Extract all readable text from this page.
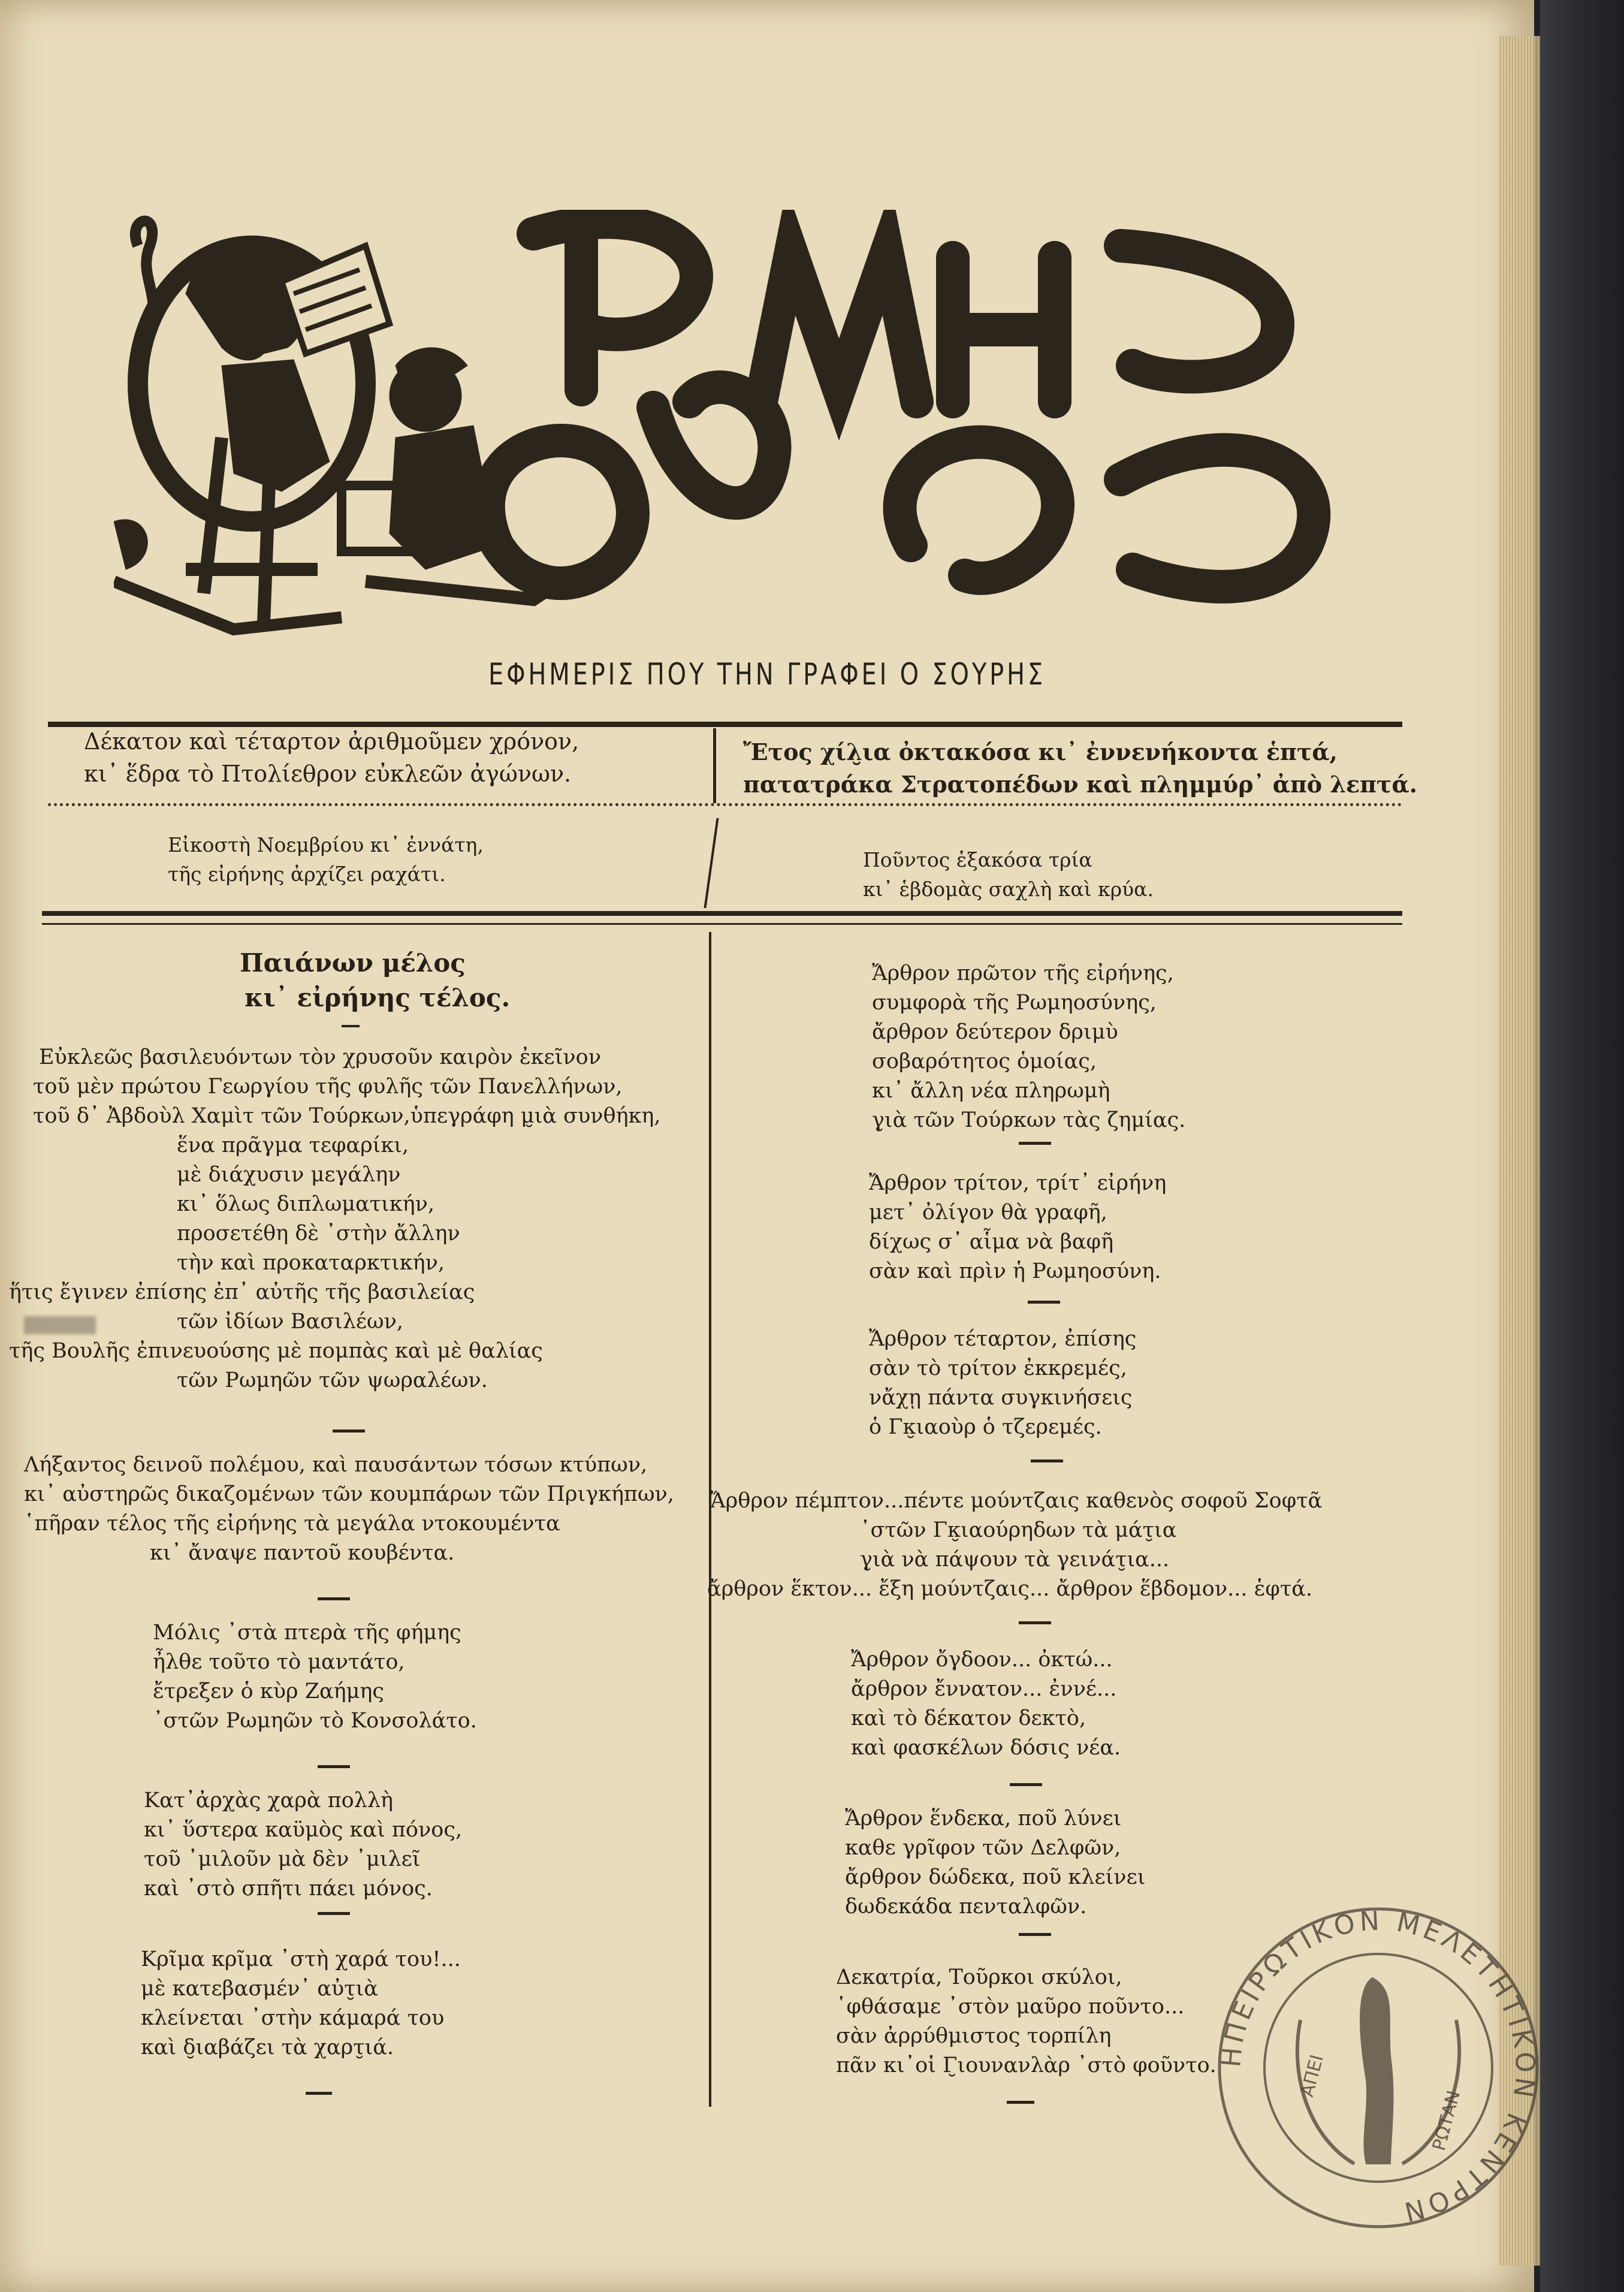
ΕΦΗΜΕΡΙΣ ΠΟΥ ΤΗΝ ΓΡΑΦΕΙ Ο ΣΟΥΡΗΣ
Δέκατον καὶ τέταρτον ἀριθμοῦμεν χρόνον,
κι᾽ ἕδρα τὸ Πτολίεθρον εὐκλεῶν ἀγώνων.
Ἔτος χίλ̮ια ὀκτακόσα κι᾽ ἐννενήκοντα ἑπτά,
πατατράκα Στρατοπέδων καὶ πλημμύρ᾽ ἀπὸ λεπτά.
Εἰκοστὴ Νοεμβρίου κι᾽ ἐννάτη,
τῆς εἰρήνης ἀρχίζει ραχάτι.
Ποῦντος ἑξακόσα τρία
κι᾽ ἑβδομὰς σαχλὴ καὶ κρύα.
Παιάνων μέλος
κι᾽ εἰρήνης τέλος.
Εὐκλεῶς βασιλευόντων τὸν χρυσοῦν καιρὸν ἐκεῖνον
τοῦ μὲν πρώτου Γεωργίου τῆς φυλῆς τῶν Πανελλήνων,
τοῦ δ᾽ Ἀβδοὺλ Χαμὶτ τῶν Τούρκων,ὑπεγράφη μ̮ιὰ συνθήκη,
ἕνα πρᾶγμα τεφαρίκι,
μὲ διάχυσιν μεγάλην
κι᾽ ὅλως διπλωματικήν,
προσετέθη δὲ ᾽στὴν ἄλλην
τὴν καὶ προκαταρκτικήν,
ἥτις ἔγινεν ἐπίσης ἐπ᾽ αὐτῆς τῆς βασιλείας
τῶν ἰδίων Βασιλέων,
τῆς Βουλῆς ἐπινευούσης μὲ πομπὰς καὶ μὲ θαλίας
τῶν Ρωμηῶν τῶν ψωραλέων.
Λήξαντος δεινοῦ πολέμου, καὶ παυσάντων τόσων κτύπων,
κι᾽ αὐστηρῶς δικαζομένων τῶν κουμπάρων τῶν Πριγκήπων,
῾πῆραν τέλος τῆς εἰρήνης τὰ μεγάλα ντοκουμέντα
κι᾽ ἄναψε παντοῦ κουβέντα.
Μόλις ᾽στὰ πτερὰ τῆς φήμης
ἦλθε τοῦτο τὸ μαντάτο,
ἔτρεξεν ὁ κὺρ Ζαήμης
᾽στῶν Ρωμηῶν τὸ Κονσολάτο.
Κατ᾽ἀρχὰς χαρὰ πολλὴ
κι᾽ ὕστερα καϋμὸς καὶ πόνος,
τοῦ ᾽μιλοῦν μὰ δὲν ᾽μιλεῖ
καὶ ᾽στὸ σπῆτι πάει μόνος.
Κρῖμα κρῖμα ᾽στὴ χαρά του!...
μὲ κατεβασμέν᾽ αὐτ̮ιὰ
κλείνεται ᾽στὴν κάμαρά του
καὶ δ̮ιαβάζει τὰ χαρτ̮ιά.
Ἄρθρον πρῶτον τῆς εἰρήνης,
συμφορὰ τῆς Ρωμηοσύνης,
ἄρθρον δεύτερον δριμὺ
σοβαρότητος ὁμοίας,
κι᾽ ἄλλη νέα πληρωμὴ
γ̮ιὰ τῶν Τούρκων τὰς ζημίας.
Ἄρθρον τρίτον, τρίτ᾽ εἰρήνη
μετ᾽ ὀλίγον θὰ γραφῆ,
δίχως σ᾽ αἷμα νὰ βαφῆ
σὰν καὶ πρὶν ἡ Ρωμηοσύνη.
Ἄρθρον τέταρτον, ἐπίσης
σὰν τὸ τρίτον ἐκκρεμές,
νἄχῃ πάντα συγκινήσεις
ὁ Γκ̮ιαοὺρ ὁ τζερεμές.
Ἄρθρον πέμπτον...πέντε μούντζαις καθενὸς σοφοῦ Σοφτᾶ
᾽στῶν Γκ̮ιαούρηδων τὰ μάτ̮ια
γ̮ιὰ νὰ πάψουν τὰ γεινάτ̮ια...
ἄρθρον ἕκτον... ἔξη μούντζαις... ἄρθρον ἕβδομον... ἑφτά.
Ἄρθρον ὄγδοον... ὀκτώ...
ἄρθρον ἔννατον... ἐννέ...
καὶ τὸ δέκατον δεκτὸ,
καὶ φασκέλων δόσις νέα.
Ἄρθρον ἕνδεκα, ποῦ λύνει
καθε γρῖφον τῶν Δελφῶν,
ἄρθρον δώδεκα, ποῦ κλείνει
δωδεκάδα πενταλφῶν.
Δεκατρία, Τοῦρκοι σκύλοι,
῾φθάσαμε ᾽στὸν μαῦρο ποῦντο...
σὰν ἀρρύθμιστος τορπίλη
πᾶν κι᾽οἱ Γ̮ιουνανλὰρ ᾽στὸ φοῦντο. ΗΠΕΙΡΩΤΙΚΟΝ ΜΕΛΕΤΗΤΙΚΟΝ ΚΕΝΤΡΟΝ
ΑΠΕΙ
ΡΩΤΑΝ
